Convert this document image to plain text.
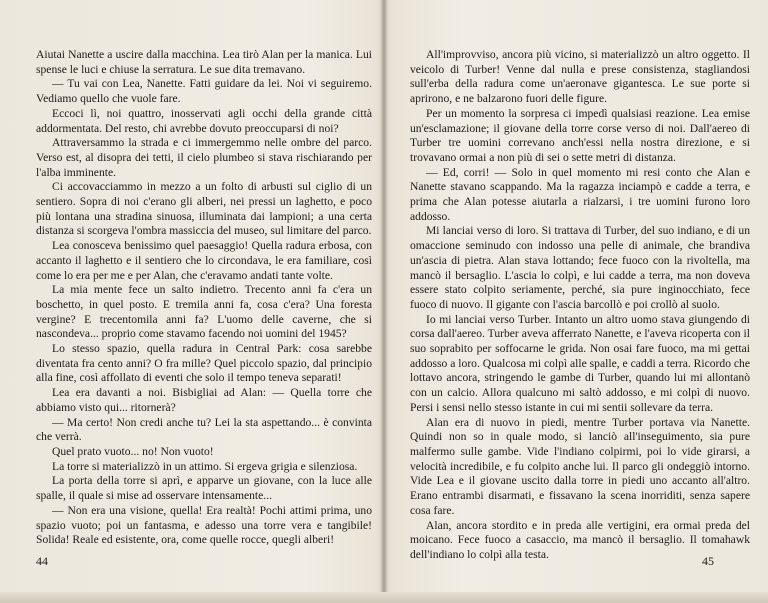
Aiutai Nanette a uscire dalla macchina. Lea tirò Alan per la manica. Lui spense le luci e chiuse la serratura. Le sue dita tremavano.

— Tu vai con Lea, Nanette. Fatti guidare da lei. Noi vi seguiremo. Vediamo quello che vuole fare.

Eccoci lì, noi quattro, inosservati agli occhi della grande città addormentata. Del resto, chi avrebbe dovuto preoccuparsi di noi?

Attraversammo la strada e ci immergemmo nelle ombre del parco. Verso est, al disopra dei tetti, il cielo plumbeo si stava rischiarando per l'alba imminente.

Ci accovacciammo in mezzo a un folto di arbusti sul ciglio di un sentiero. Sopra di noi c'erano gli alberi, nei pressi un laghetto, e poco più lontana una stradina sinuosa, illuminata dai lampioni; a una certa distanza si scorgeva l'ombra massiccia del museo, sul limitare del parco.

Lea conosceva benissimo quel paesaggio! Quella radura erbosa, con accanto il laghetto e il sentiero che lo circondava, le era familiare, così come lo era per me e per Alan, che c'eravamo andati tante volte.

La mia mente fece un salto indietro. Trecento anni fa c'era un boschetto, in quel posto. E tremila anni fa, cosa c'era? Una foresta vergine? E trecentomila anni fa? L'uomo delle caverne, che si nascondeva... proprio come stavamo facendo noi uomini del 1945?

Lo stesso spazio, quella radura in Central Park: cosa sarebbe diventata fra cento anni? O fra mille? Quel piccolo spazio, dal principio alla fine, così affollato di eventi che solo il tempo teneva separati!

Lea era davanti a noi. Bisbigliai ad Alan: — Quella torre che abbiamo visto qui... ritornerà?

— Ma certo! Non credi anche tu? Lei la sta aspettando... è convinta che verrà.

Quel prato vuoto... no! Non vuoto!

La torre si materializzò in un attimo. Si ergeva grigia e silenziosa.

La porta della torre si aprì, e apparve un giovane, con la luce alle spalle, il quale si mise ad osservare intensamente...

— Non era una visione, quella! Era realtà! Pochi attimi prima, uno spazio vuoto; poi un fantasma, e adesso una torre vera e tangibile! Solida! Reale ed esistente, ora, come quelle rocce, quegli alberi!

44

All'improvviso, ancora più vicino, si materializzò un altro oggetto. Il veicolo di Turber! Venne dal nulla e prese consistenza, stagliandosi sull'erba della radura come un'aeronave gigantesca. Le sue porte si aprirono, e ne balzarono fuori delle figure.

Per un momento la sorpresa ci impedì qualsiasi reazione. Lea emise un'esclamazione; il giovane della torre corse verso di noi. Dall'aereo di Turber tre uomini correvano anch'essi nella nostra direzione, e si trovavano ormai a non più di sei o sette metri di distanza.

— Ed, corri! — Solo in quel momento mi resi conto che Alan e Nanette stavano scappando. Ma la ragazza inciampò e cadde a terra, e prima che Alan potesse aiutarla a rialzarsi, i tre uomini furono loro addosso.

Mi lanciai verso di loro. Si trattava di Turber, del suo indiano, e di un omaccione seminudo con indosso una pelle di animale, che brandiva un'ascia di pietra. Alan stava lottando; fece fuoco con la rivoltella, ma mancò il bersaglio. L'ascia lo colpì, e lui cadde a terra, ma non doveva essere stato colpito seriamente, perché, sia pure inginocchiato, fece fuoco di nuovo. Il gigante con l'ascia barcollò e poi crollò al suolo.

Io mi lanciai verso Turber. Intanto un altro uomo stava giungendo di corsa dall'aereo. Turber aveva afferrato Nanette, e l'aveva ricoperta con il suo soprabito per soffocarne le grida. Non osai fare fuoco, ma mi gettai addosso a loro. Qualcosa mi colpì alle spalle, e caddi a terra. Ricordo che lottavo ancora, stringendo le gambe di Turber, quando lui mi allontanò con un calcio. Allora qualcuno mi saltò addosso, e mi colpì di nuovo. Persi i sensi nello stesso istante in cui mi sentii sollevare da terra.

Alan era di nuovo in piedi, mentre Turber portava via Nanette. Quindi non so in quale modo, si lanciò all'inseguimento, sia pure malfermo sulle gambe. Vide l'indiano colpirmi, poi lo vide girarsi, a velocità incredibile, e fu colpito anche lui. Il parco gli ondeggiò intorno. Vide Lea e il giovane uscito dalla torre in piedi uno accanto all'altro. Erano entrambi disarmati, e fissavano la scena inorriditi, senza sapere cosa fare.

Alan, ancora stordito e in preda alle vertigini, era ormai preda del moicano. Fece fuoco a casaccio, ma mancò il bersaglio. Il tomahawk dell'indiano lo colpì alla testa.	45
